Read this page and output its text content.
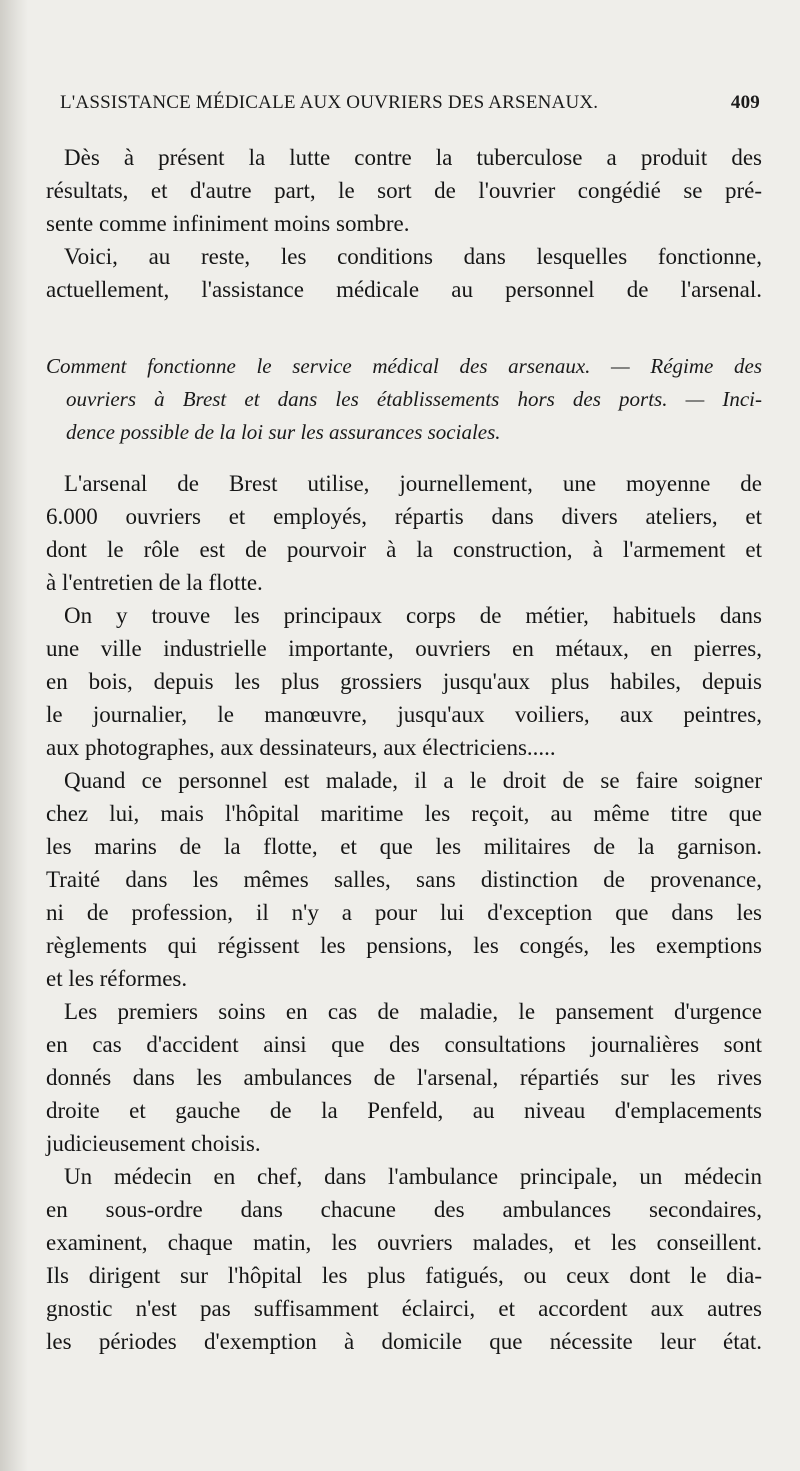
L'ASSISTANCE MÉDICALE AUX OUVRIERS DES ARSENAUX.	409
Dès à présent la lutte contre la tuberculose a produit des
résultats, et d'autre part, le sort de l'ouvrier congédié se pré-
sente comme infiniment moins sombre.
Voici, au reste, les conditions dans lesquelles fonctionne,
actuellement, l'assistance médicale au personnel de l'arsenal.
Comment fonctionne le service médical des arsenaux. — Régime des
ouvriers à Brest et dans les établissements hors des ports. — Inci-
dence possible de la loi sur les assurances sociales.
L'arsenal de Brest utilise, journellement, une moyenne de
6.000 ouvriers et employés, répartis dans divers ateliers, et
dont le rôle est de pourvoir à la construction, à l'armement et
à l'entretien de la flotte.
On y trouve les principaux corps de métier, habituels dans
une ville industrielle importante, ouvriers en métaux, en pierres,
en bois, depuis les plus grossiers jusqu'aux plus habiles, depuis
le journalier, le manœuvre, jusqu'aux voiliers, aux peintres,
aux photographes, aux dessinateurs, aux électriciens.....
Quand ce personnel est malade, il a le droit de se faire soigner
chez lui, mais l'hôpital maritime les reçoit, au même titre que
les marins de la flotte, et que les militaires de la garnison.
Traité dans les mêmes salles, sans distinction de provenance,
ni de profession, il n'y a pour lui d'exception que dans les
règlements qui régissent les pensions, les congés, les exemptions
et les réformes.
Les premiers soins en cas de maladie, le pansement d'urgence
en cas d'accident ainsi que des consultations journalières sont
donnés dans les ambulances de l'arsenal, répartiés sur les rives
droite et gauche de la Penfeld, au niveau d'emplacements
judicieusement choisis.
Un médecin en chef, dans l'ambulance principale, un médecin
en sous-ordre dans chacune des ambulances secondaires,
examinent, chaque matin, les ouvriers malades, et les conseillent.
Ils dirigent sur l'hôpital les plus fatigués, ou ceux dont le dia-
gnostic n'est pas suffisamment éclairci, et accordent aux autres
les périodes d'exemption à domicile que nécessite leur état.
